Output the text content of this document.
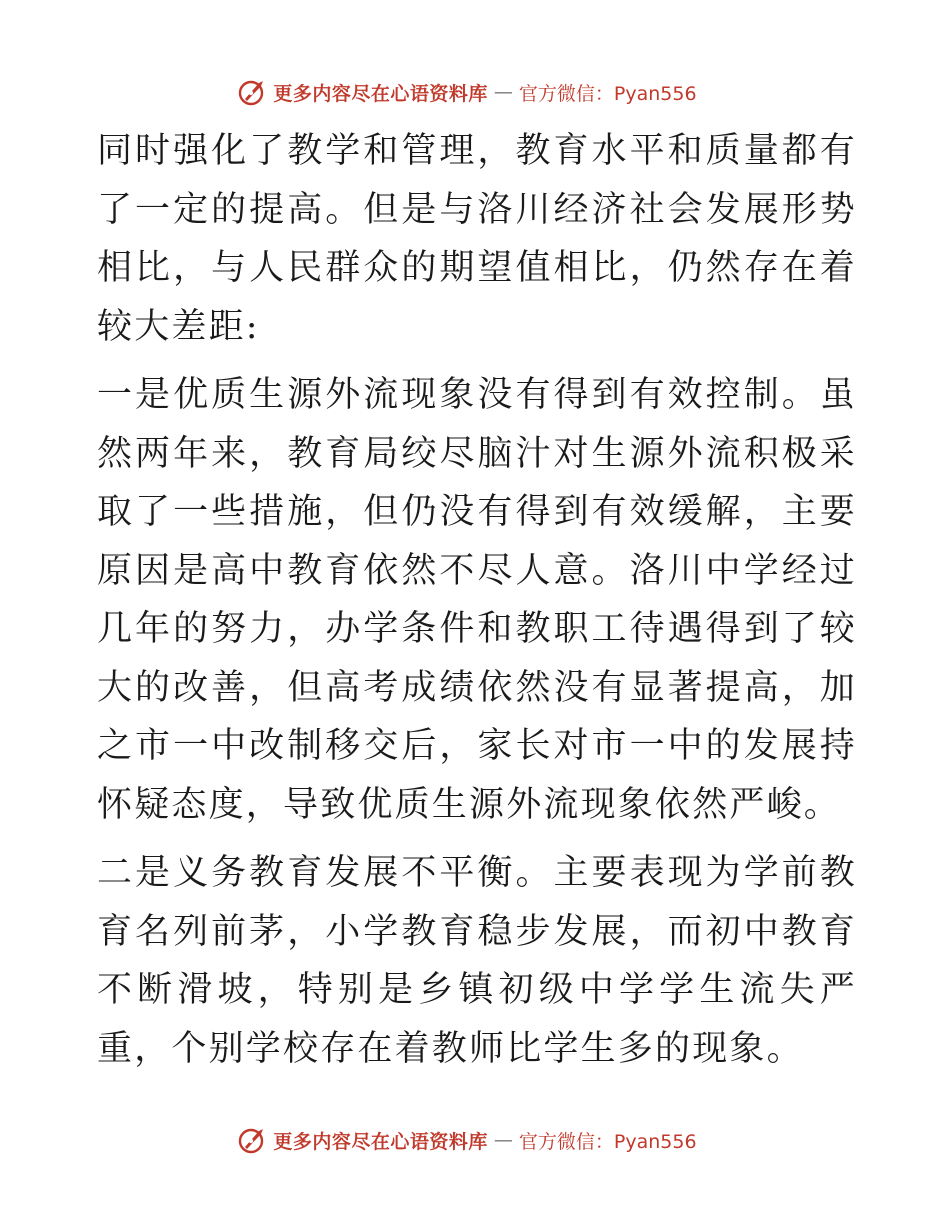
更多内容尽在心语资料库 — 官方微信：Pyan556

同时强化了教学和管理，教育水平和质量都有了一定的提高。但是与洛川经济社会发展形势相比，与人民群众的期望值相比，仍然存在着较大差距:

一是优质生源外流现象没有得到有效控制。虽然两年来，教育局绞尽脑汁对生源外流积极采取了一些措施，但仍没有得到有效缓解，主要原因是高中教育依然不尽人意。洛川中学经过几年的努力，办学条件和教职工待遇得到了较大的改善，但高考成绩依然没有显著提高，加之市一中改制移交后，家长对市一中的发展持怀疑态度，导致优质生源外流现象依然严峻。

二是义务教育发展不平衡。主要表现为学前教育名列前茅，小学教育稳步发展，而初中教育不断滑坡，特别是乡镇初级中学学生流失严重，个别学校存在着教师比学生多的现象。

更多内容尽在心语资料库 — 官方微信：Pyan556
